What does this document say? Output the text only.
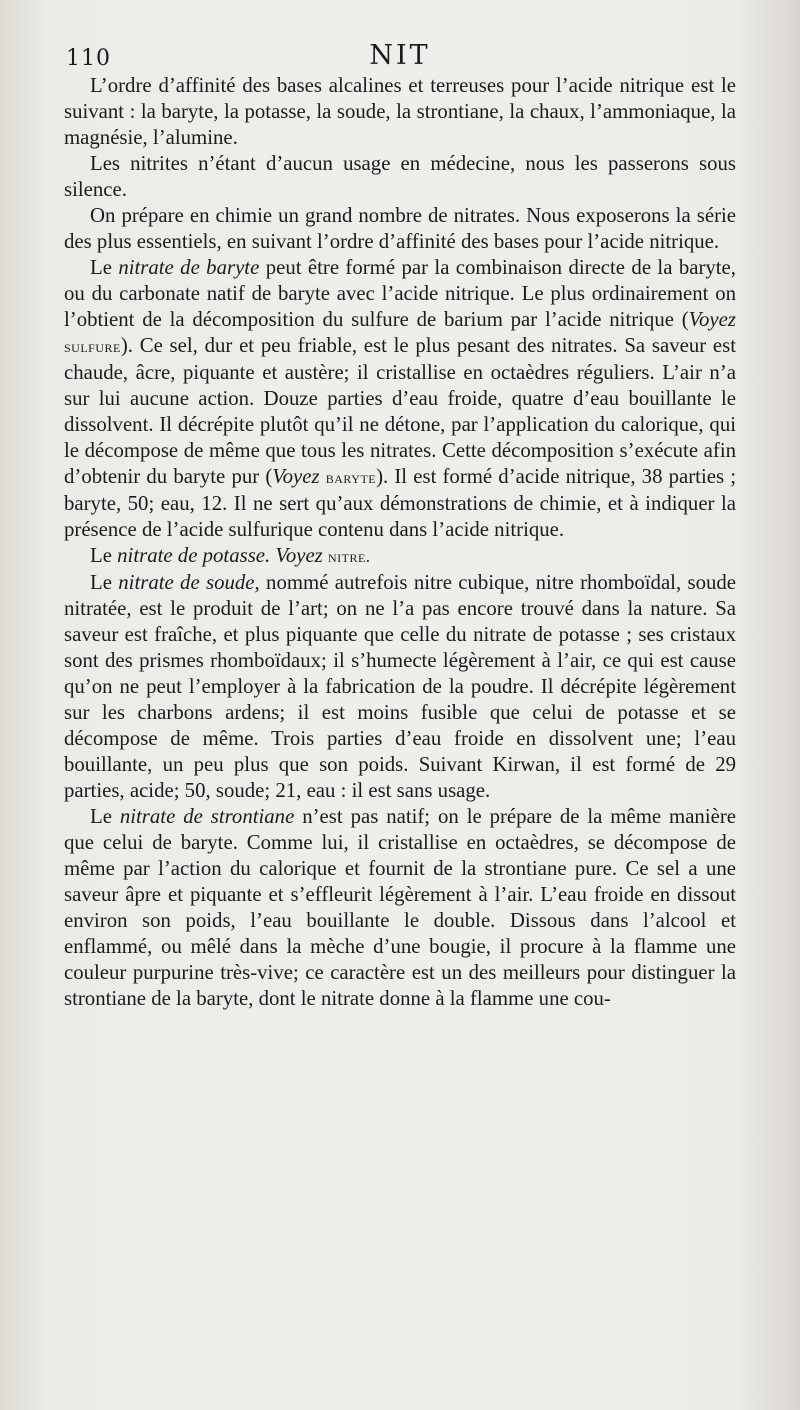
110	NIT

L’ordre d’affinité des bases alcalines et terreuses pour l’acide nitrique est le suivant : la baryte, la potasse, la soude, la strontiane, la chaux, l’ammoniaque, la magnésie, l’alumine.

Les nitrites n’étant d’aucun usage en médecine, nous les passerons sous silence.

On prépare en chimie un grand nombre de nitrates. Nous exposerons la série des plus essentiels, en suivant l’ordre d’affinité des bases pour l’acide nitrique.

Le nitrate de baryte peut être formé par la combinaison directe de la baryte, ou du carbonate natif de baryte avec l’acide nitrique. Le plus ordinairement on l’obtient de la décomposition du sulfure de barium par l’acide nitrique (Voyez sulfure). Ce sel, dur et peu friable, est le plus pesant des nitrates. Sa saveur est chaude, âcre, piquante et austère; il cristallise en octaèdres réguliers. L’air n’a sur lui aucune action. Douze parties d’eau froide, quatre d’eau bouillante le dissolvent. Il décrépite plutôt qu’il ne détone, par l’application du calorique, qui le décompose de même que tous les nitrates. Cette décomposition s’exécute afin d’obtenir du baryte pur (Voyez baryte). Il est formé d’acide nitrique, 38 parties ; baryte, 50; eau, 12. Il ne sert qu’aux démonstrations de chimie, et à indiquer la présence de l’acide sulfurique contenu dans l’acide nitrique.

Le nitrate de potasse. Voyez nitre.

Le nitrate de soude, nommé autrefois nitre cubique, nitre rhomboïdal, soude nitratée, est le produit de l’art; on ne l’a pas encore trouvé dans la nature. Sa saveur est fraîche, et plus piquante que celle du nitrate de potasse ; ses cristaux sont des prismes rhomboïdaux; il s’humecte légèrement à l’air, ce qui est cause qu’on ne peut l’employer à la fabrication de la poudre. Il décrépite légèrement sur les charbons ardens; il est moins fusible que celui de potasse et se décompose de même. Trois parties d’eau froide en dissolvent une; l’eau bouillante, un peu plus que son poids. Suivant Kirwan, il est formé de 29 parties, acide; 50, soude; 21, eau : il est sans usage.

Le nitrate de strontiane n’est pas natif; on le prépare de la même manière que celui de baryte. Comme lui, il cristallise en octaèdres, se décompose de même par l’action du calorique et fournit de la strontiane pure. Ce sel a une saveur âpre et piquante et s’effleurit légèrement à l’air. L’eau froide en dissout environ son poids, l’eau bouillante le double. Dissous dans l’alcool et enflammé, ou mêlé dans la mèche d’une bougie, il procure à la flamme une couleur purpurine très-vive; ce caractère est un des meilleurs pour distinguer la strontiane de la baryte, dont le nitrate donne à la flamme une cou-
